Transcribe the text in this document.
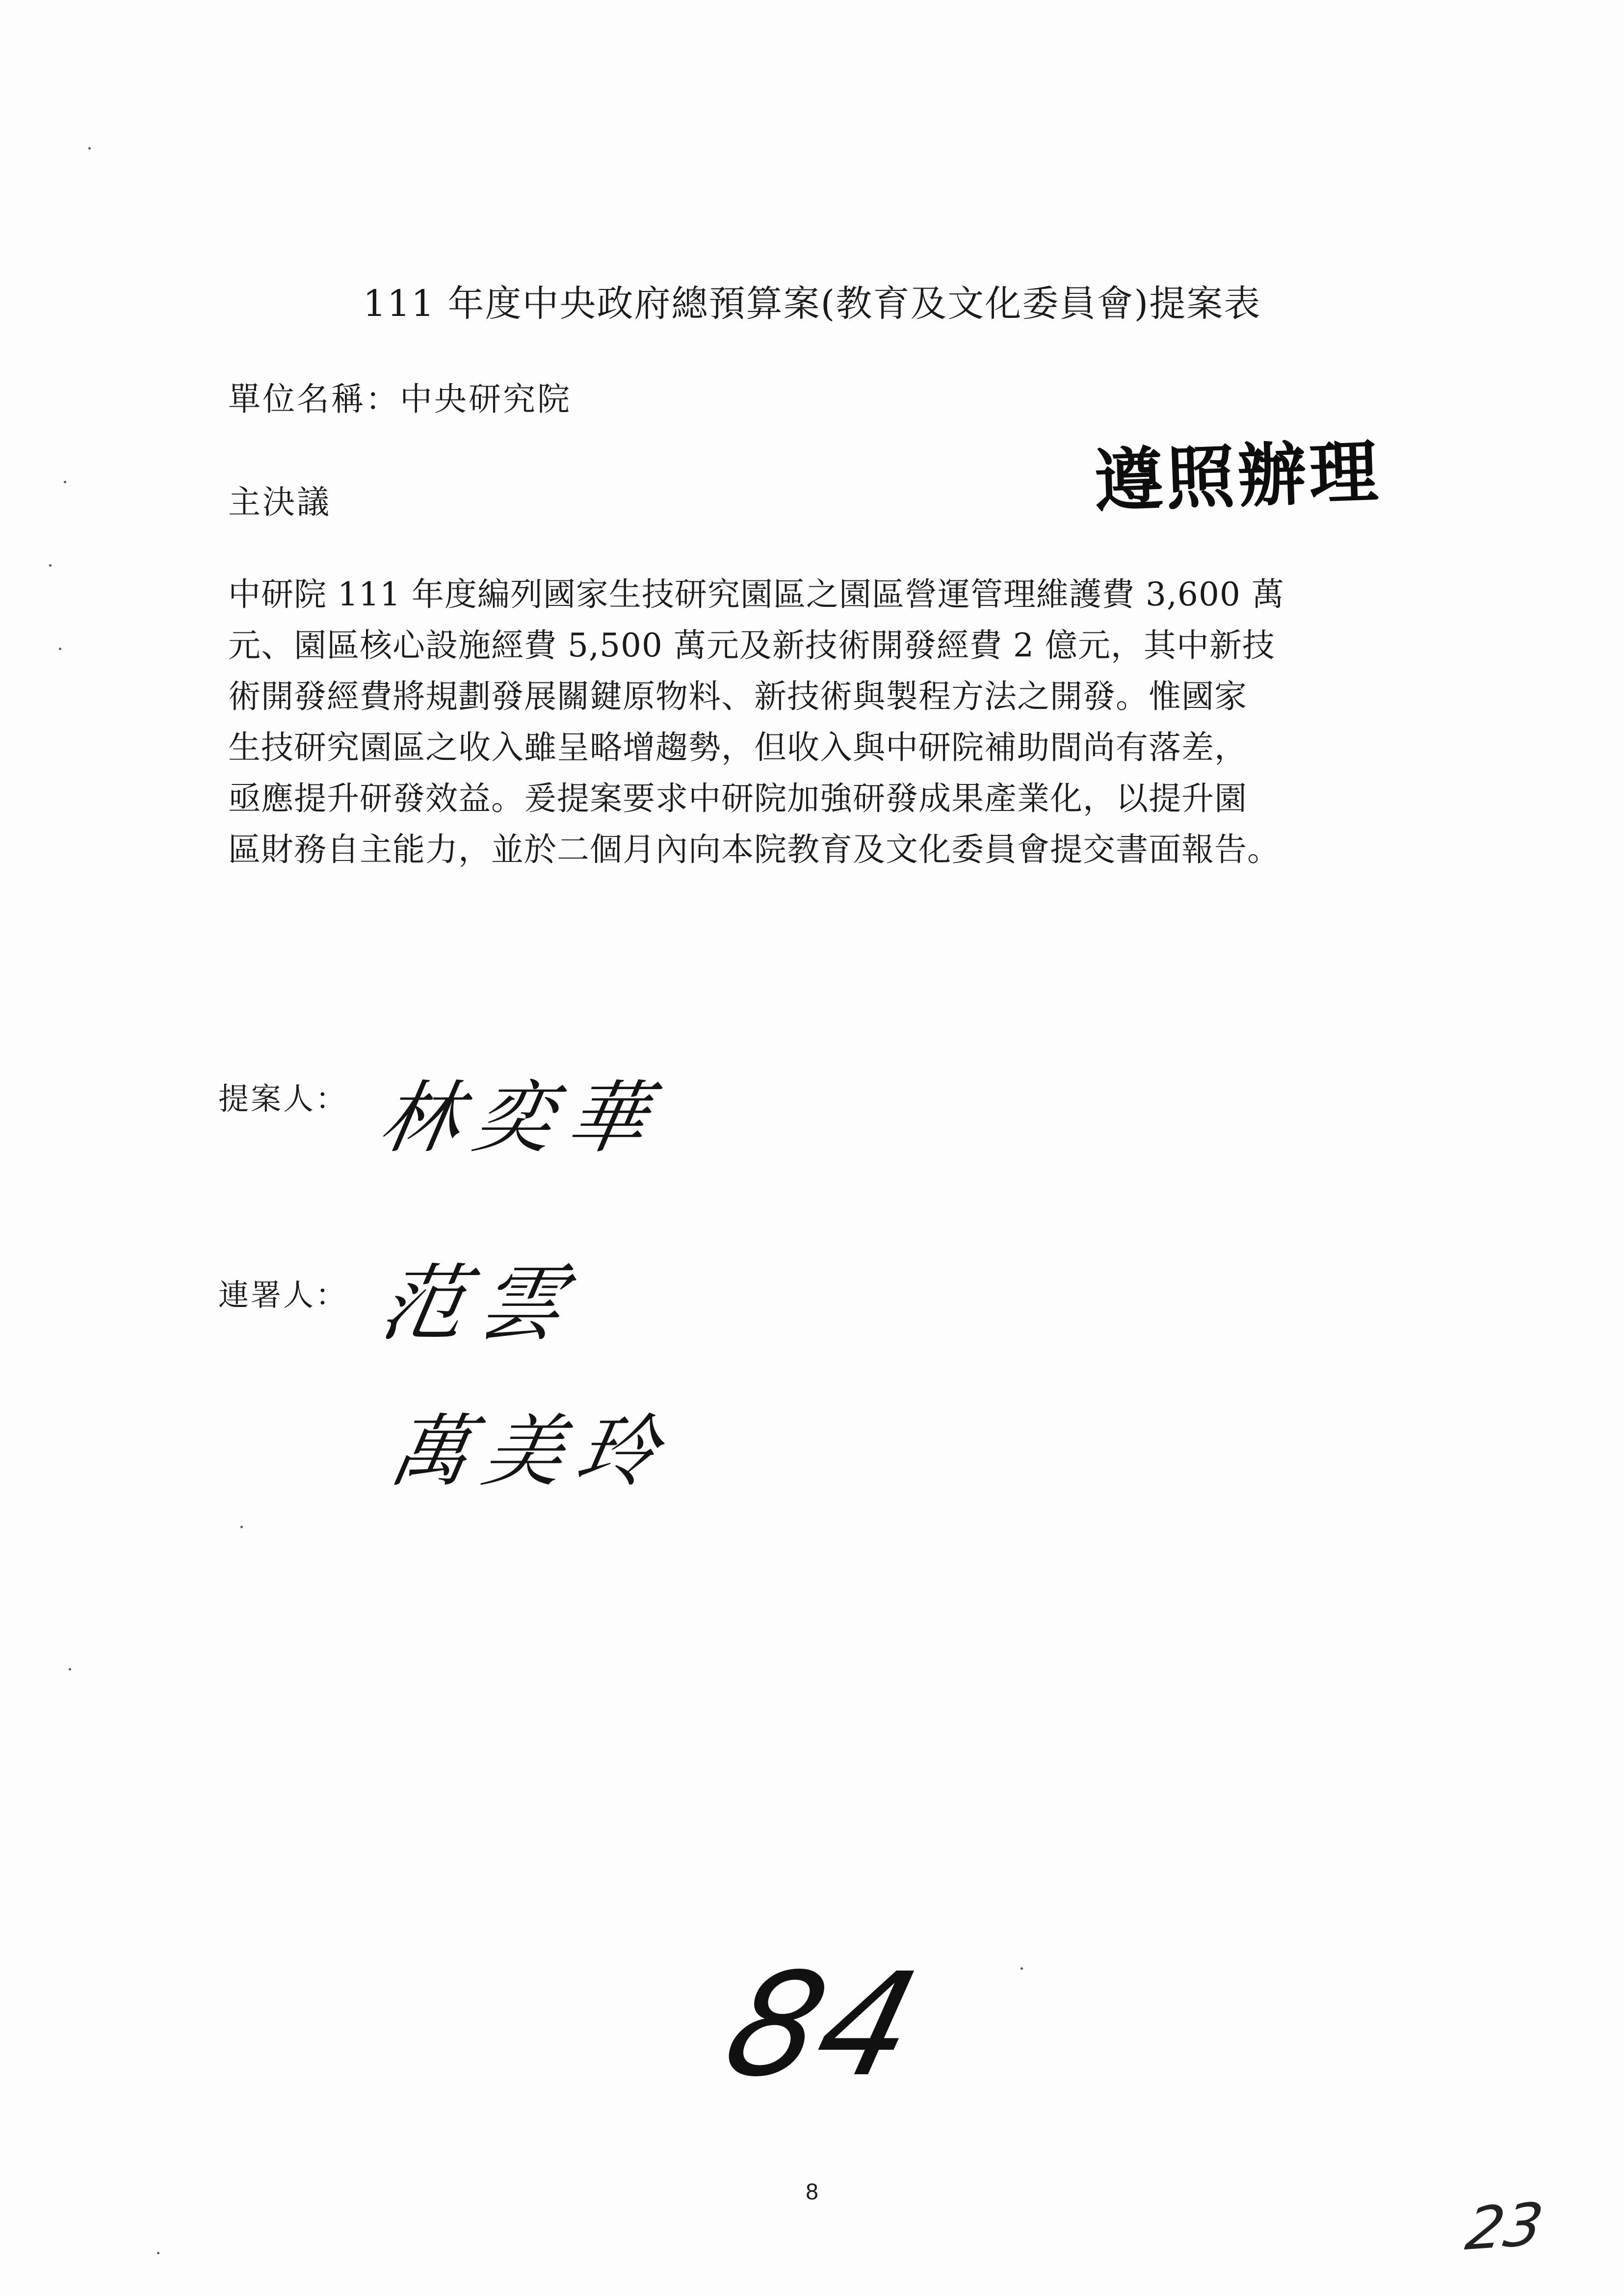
111 年度中央政府總預算案(教育及文化委員會)提案表
單位名稱：中央研究院
遵照辦理
主決議
中研院 111 年度編列國家生技研究園區之園區營運管理維護費 3,600 萬
元、園區核心設施經費 5,500 萬元及新技術開發經費 2 億元，其中新技
術開發經費將規劃發展關鍵原物料、新技術與製程方法之開發。惟國家
生技研究園區之收入雖呈略增趨勢，但收入與中研院補助間尚有落差，
亟應提升研發效益。爰提案要求中研院加強研發成果產業化，以提升園
區財務自主能力，並於二個月內向本院教育及文化委員會提交書面報告。
提案人： 林奕華
連署人： 范雲
萬美玲
84
8	23
